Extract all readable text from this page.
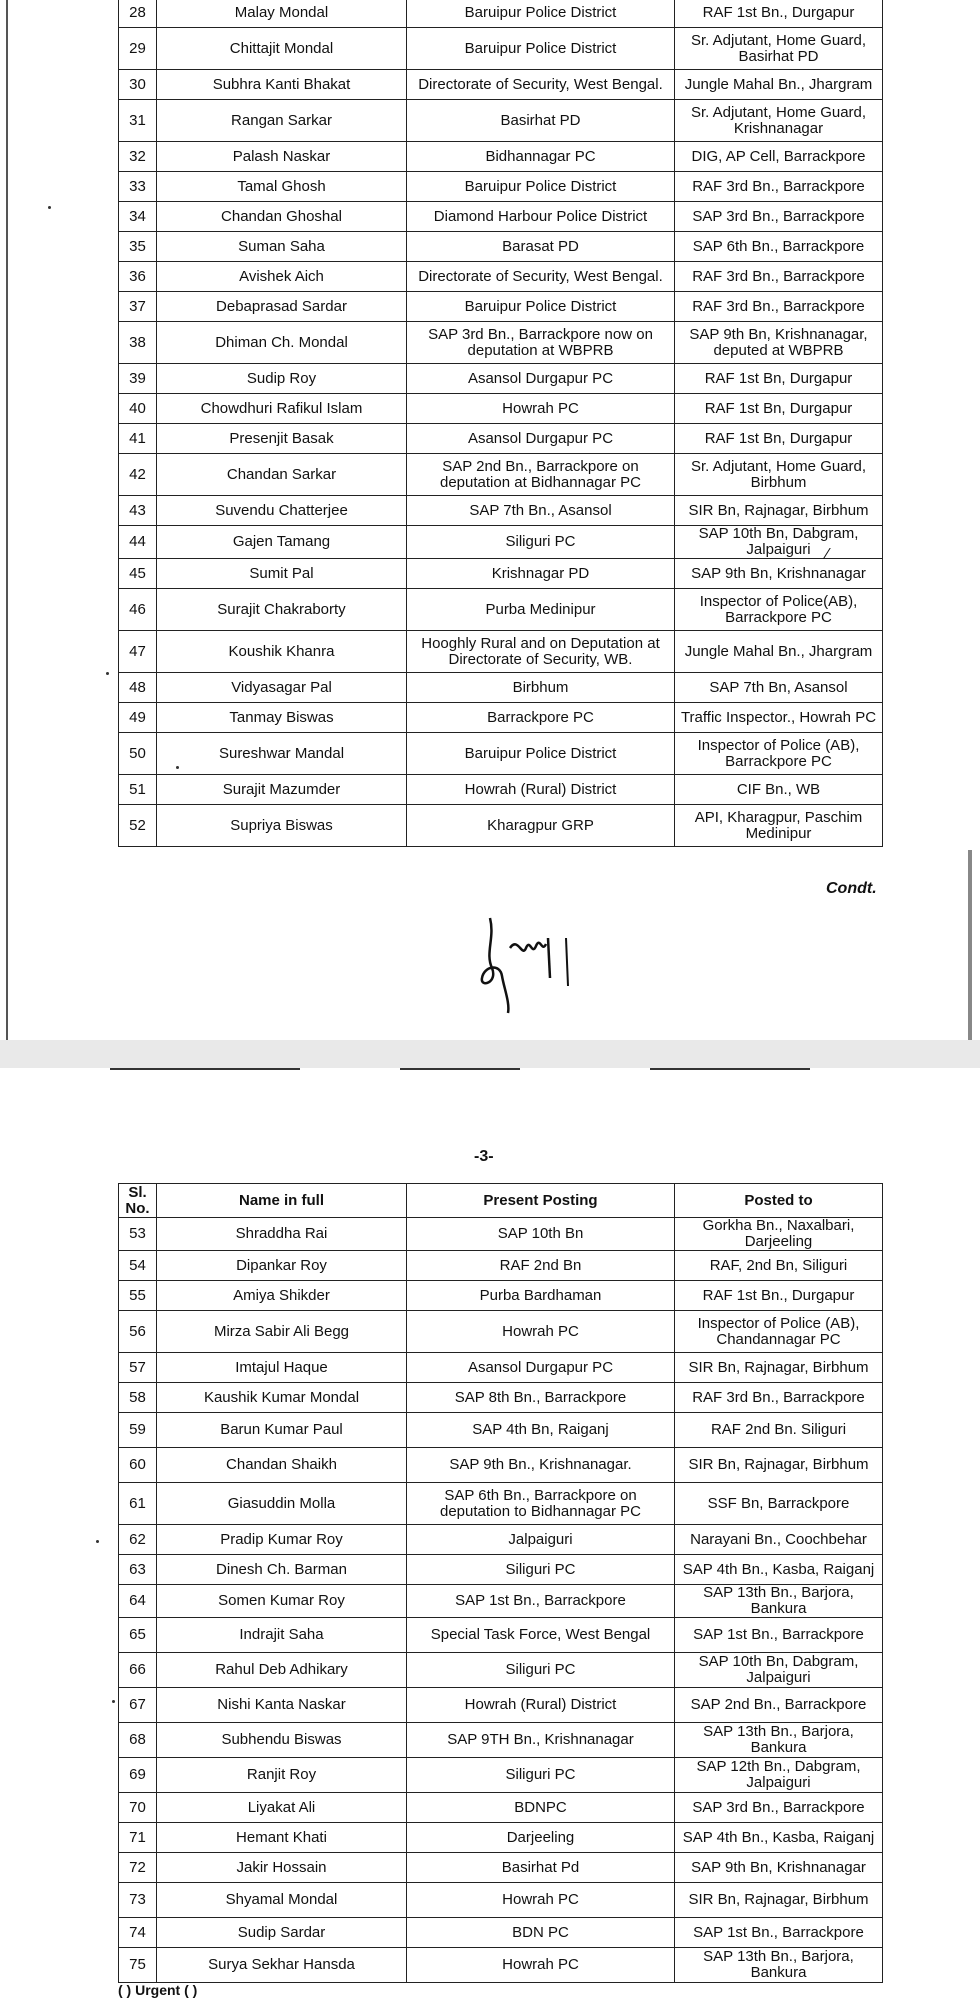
28	Malay Mondal	Baruipur Police District	RAF 1st Bn., Durgapur
29	Chittajit Mondal	Baruipur Police District	Sr. Adjutant, Home Guard, Basirhat PD
30	Subhra Kanti Bhakat	Directorate of Security, West Bengal.	Jungle Mahal Bn., Jhargram
31	Rangan Sarkar	Basirhat PD	Sr. Adjutant, Home Guard, Krishnanagar
32	Palash Naskar	Bidhannagar PC	DIG, AP Cell, Barrackpore
33	Tamal Ghosh	Baruipur Police District	RAF 3rd Bn., Barrackpore
34	Chandan Ghoshal	Diamond Harbour Police District	SAP 3rd Bn., Barrackpore
35	Suman Saha	Barasat PD	SAP 6th Bn., Barrackpore
36	Avishek Aich	Directorate of Security, West Bengal.	RAF 3rd Bn., Barrackpore
37	Debaprasad Sardar	Baruipur Police District	RAF 3rd Bn., Barrackpore
38	Dhiman Ch. Mondal	SAP 3rd Bn., Barrackpore now on deputation at WBPRB	SAP 9th Bn, Krishnanagar, deputed at WBPRB
39	Sudip Roy	Asansol Durgapur PC	RAF 1st Bn, Durgapur
40	Chowdhuri Rafikul Islam	Howrah PC	RAF 1st Bn, Durgapur
41	Presenjit Basak	Asansol Durgapur PC	RAF 1st Bn, Durgapur
42	Chandan Sarkar	SAP 2nd Bn., Barrackpore on deputation at Bidhannagar PC	Sr. Adjutant, Home Guard, Birbhum
43	Suvendu Chatterjee	SAP 7th Bn., Asansol	SIR Bn, Rajnagar, Birbhum
44	Gajen Tamang	Siliguri PC	SAP 10th Bn, Dabgram, Jalpaiguri
45	Sumit Pal	Krishnagar PD	SAP 9th Bn, Krishnanagar
46	Surajit Chakraborty	Purba Medinipur	Inspector of Police(AB), Barrackpore PC
47	Koushik Khanra	Hooghly Rural and on Deputation at Directorate of Security, WB.	Jungle Mahal Bn., Jhargram
48	Vidyasagar Pal	Birbhum	SAP 7th Bn, Asansol
49	Tanmay Biswas	Barrackpore PC	Traffic Inspector., Howrah PC
50	Sureshwar Mandal	Baruipur Police District	Inspector of Police (AB), Barrackpore PC
51	Surajit Mazumder	Howrah (Rural) District	CIF Bn., WB
52	Supriya Biswas	Kharagpur GRP	API, Kharagpur, Paschim Medinipur
⁄
Condt.
-3-
Sl. No.	Name in full	Present Posting	Posted to
53	Shraddha Rai	SAP 10th Bn	Gorkha Bn., Naxalbari, Darjeeling
54	Dipankar Roy	RAF 2nd Bn	RAF, 2nd Bn, Siliguri
55	Amiya Shikder	Purba Bardhaman	RAF 1st Bn., Durgapur
56	Mirza Sabir Ali Begg	Howrah PC	Inspector of Police (AB), Chandannagar PC
57	Imtajul Haque	Asansol Durgapur PC	SIR Bn, Rajnagar, Birbhum
58	Kaushik Kumar Mondal	SAP 8th Bn., Barrackpore	RAF 3rd Bn., Barrackpore
59	Barun Kumar Paul	SAP 4th Bn, Raiganj	RAF 2nd Bn. Siliguri
60	Chandan Shaikh	SAP 9th Bn., Krishnanagar.	SIR Bn, Rajnagar, Birbhum
61	Giasuddin Molla	SAP 6th Bn., Barrackpore on deputation to Bidhannagar PC	SSF Bn, Barrackpore
62	Pradip Kumar Roy	Jalpaiguri	Narayani Bn., Coochbehar
63	Dinesh Ch. Barman	Siliguri PC	SAP 4th Bn., Kasba, Raiganj
64	Somen Kumar Roy	SAP 1st Bn., Barrackpore	SAP 13th Bn., Barjora, Bankura
65	Indrajit Saha	Special Task Force, West Bengal	SAP 1st Bn., Barrackpore
66	Rahul Deb Adhikary	Siliguri PC	SAP 10th Bn, Dabgram, Jalpaiguri
67	Nishi Kanta Naskar	Howrah (Rural) District	SAP 2nd Bn., Barrackpore
68	Subhendu Biswas	SAP 9TH Bn., Krishnanagar	SAP 13th Bn., Barjora, Bankura
69	Ranjit Roy	Siliguri PC	SAP 12th Bn., Dabgram, Jalpaiguri
70	Liyakat Ali	BDNPC	SAP 3rd Bn., Barrackpore
71	Hemant Khati	Darjeeling	SAP 4th Bn., Kasba, Raiganj
72	Jakir Hossain	Basirhat Pd	SAP 9th Bn, Krishnanagar
73	Shyamal Mondal	Howrah PC	SIR Bn, Rajnagar, Birbhum
74	Sudip Sardar	BDN PC	SAP 1st Bn., Barrackpore
75	Surya Sekhar Hansda	Howrah PC	SAP 13th Bn., Barjora, Bankura
( ) Urgent ( )
